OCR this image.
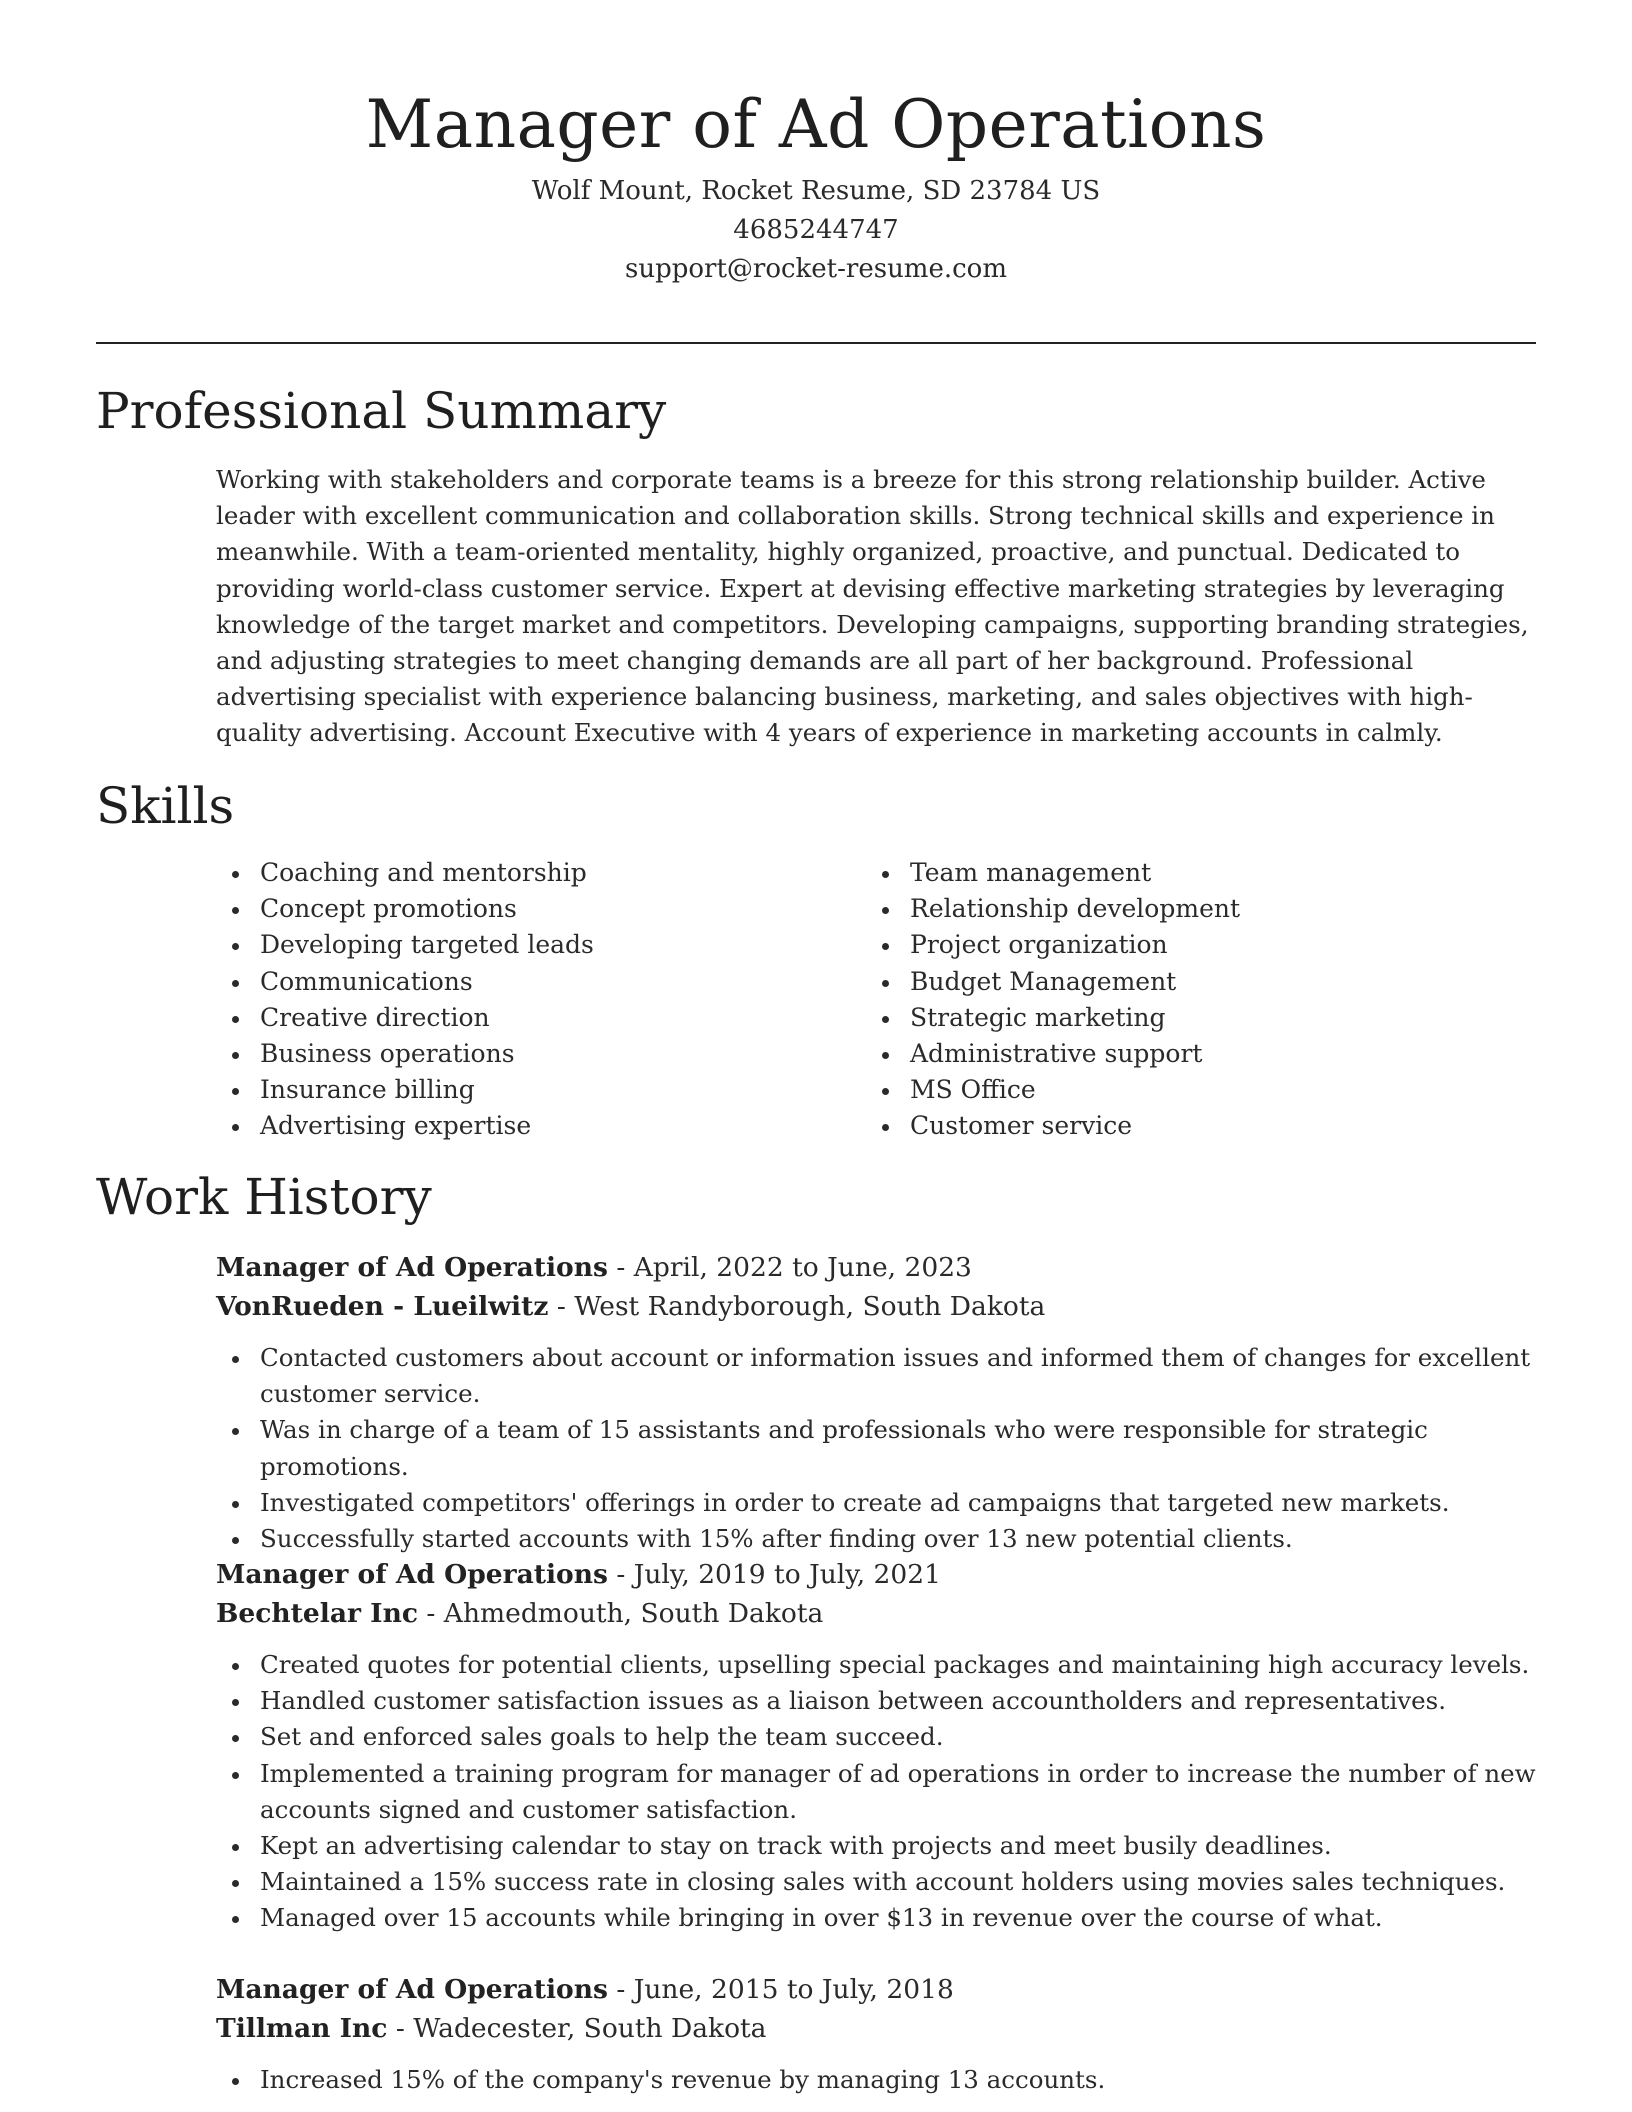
Manager of Ad Operations
Wolf Mount, Rocket Resume, SD 23784 US
4685244747
support@rocket-resume.com
Professional Summary
Working with stakeholders and corporate teams is a breeze for this strong relationship builder. Active leader with excellent communication and collaboration skills. Strong technical skills and experience in meanwhile. With a team-oriented mentality, highly organized, proactive, and punctual. Dedicated to providing world-class customer service. Expert at devising effective marketing strategies by leveraging knowledge of the target market and competitors. Developing campaigns, supporting branding strategies, and adjusting strategies to meet changing demands are all part of her background. Professional advertising specialist with experience balancing business, marketing, and sales objectives with high-quality advertising. Account Executive with 4 years of experience in marketing accounts in calmly.
Skills
Coaching and mentorship
Concept promotions
Developing targeted leads
Communications
Creative direction
Business operations
Insurance billing
Advertising expertise
Team management
Relationship development
Project organization
Budget Management
Strategic marketing
Administrative support
MS Office
Customer service
Work History
Manager of Ad Operations - April, 2022 to June, 2023
VonRueden - Lueilwitz - West Randyborough, South Dakota
Contacted customers about account or information issues and informed them of changes for excellent customer service.
Was in charge of a team of 15 assistants and professionals who were responsible for strategic promotions.
Investigated competitors' offerings in order to create ad campaigns that targeted new markets.
Successfully started accounts with 15% after finding over 13 new potential clients.
Manager of Ad Operations - July, 2019 to July, 2021
Bechtelar Inc - Ahmedmouth, South Dakota
Created quotes for potential clients, upselling special packages and maintaining high accuracy levels.
Handled customer satisfaction issues as a liaison between accountholders and representatives.
Set and enforced sales goals to help the team succeed.
Implemented a training program for manager of ad operations in order to increase the number of new accounts signed and customer satisfaction.
Kept an advertising calendar to stay on track with projects and meet busily deadlines.
Maintained a 15% success rate in closing sales with account holders using movies sales techniques.
Managed over 15 accounts while bringing in over $13 in revenue over the course of what.
Manager of Ad Operations - June, 2015 to July, 2018
Tillman Inc - Wadecester, South Dakota
Increased 15% of the company's revenue by managing 13 accounts.
